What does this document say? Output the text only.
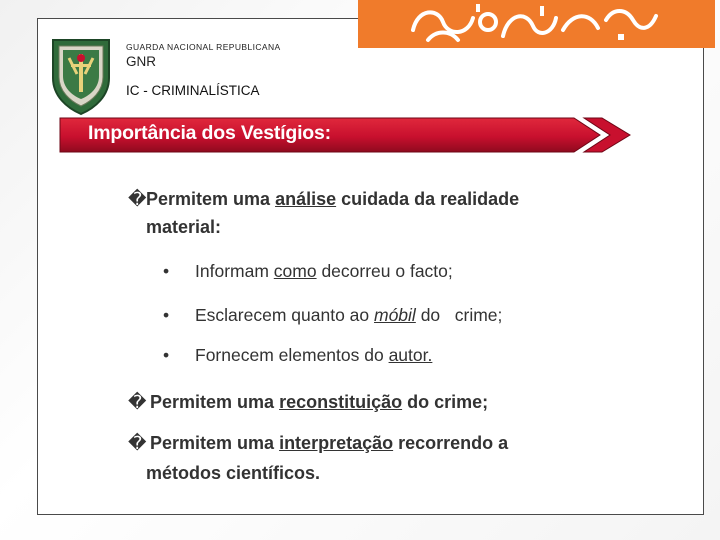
GUARDA NACIONAL REPUBLICANA
GNR
IC - CRIMINALÍSTICA
Importância dos Vestígios:
� Permitem uma análise cuidada da realidade
material:
• Informam como decorreu o facto;
• Esclarecem quanto ao móbil do   crime;
• Fornecem elementos do autor.
� Permitem uma reconstituição do crime;
� Permitem uma interpretação recorrendo a
métodos científicos.
